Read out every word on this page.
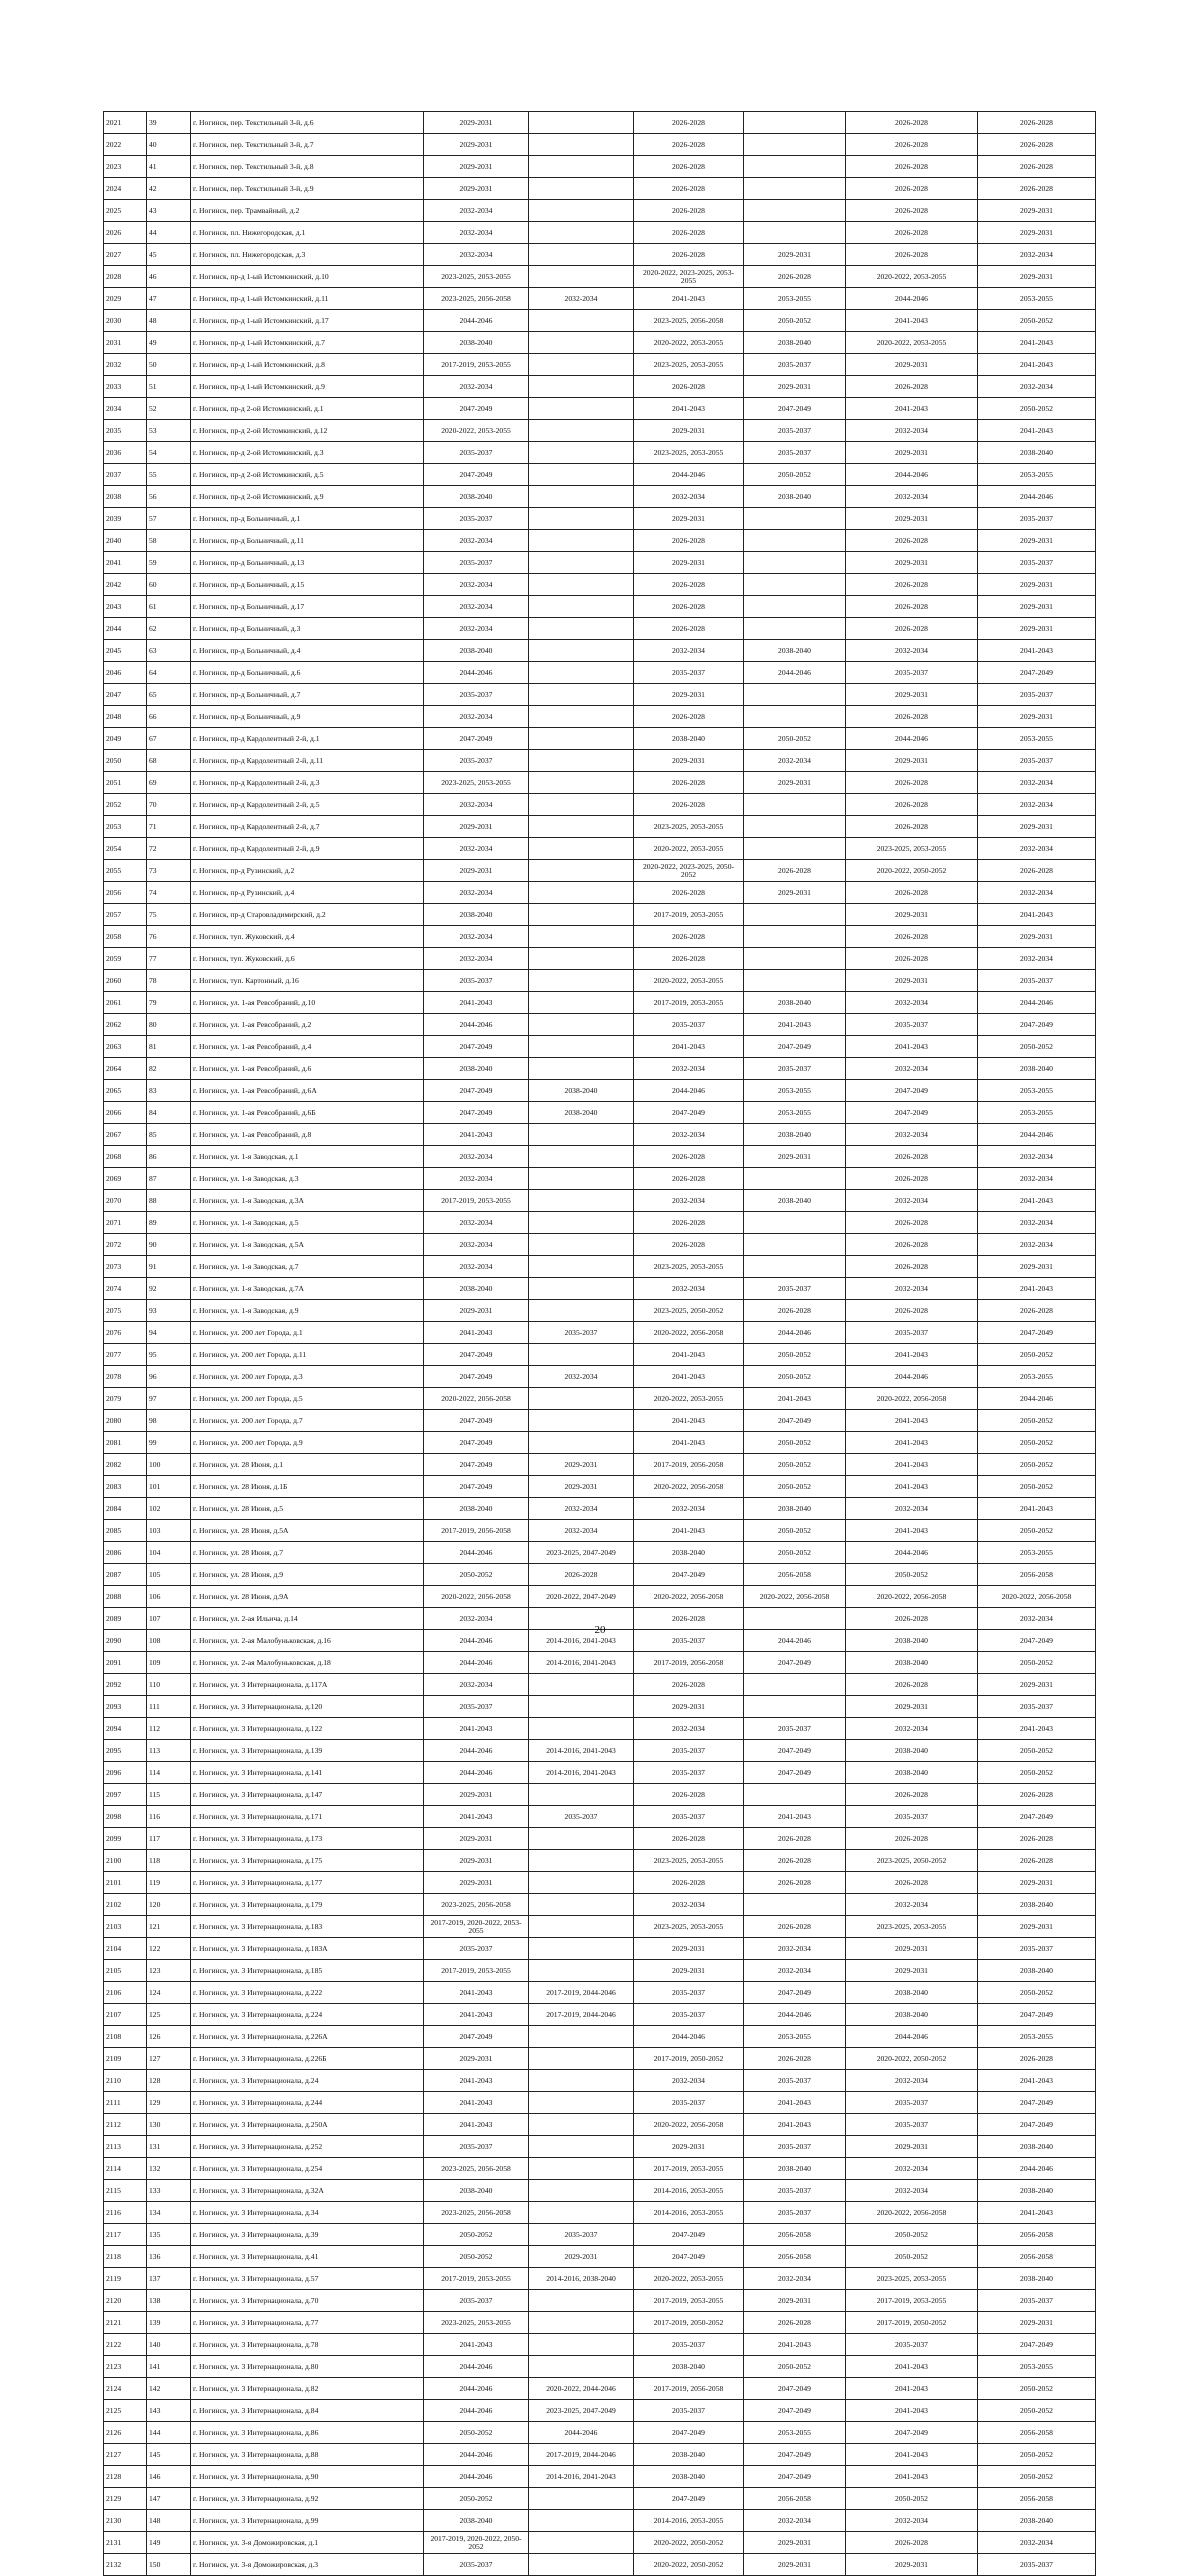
2021	39	г. Ногинск, пер. Текстильный 3-й, д.6	2029-2031		2026-2028		2026-2028	2026-2028
2022	40	г. Ногинск, пер. Текстильный 3-й, д.7	2029-2031		2026-2028		2026-2028	2026-2028
2023	41	г. Ногинск, пер. Текстильный 3-й, д.8	2029-2031		2026-2028		2026-2028	2026-2028
2024	42	г. Ногинск, пер. Текстильный 3-й, д.9	2029-2031		2026-2028		2026-2028	2026-2028
2025	43	г. Ногинск, пер. Трамвайный, д.2	2032-2034		2026-2028		2026-2028	2029-2031
2026	44	г. Ногинск, пл. Нижегородская, д.1	2032-2034		2026-2028		2026-2028	2029-2031
2027	45	г. Ногинск, пл. Нижегородская, д.3	2032-2034		2026-2028	2029-2031	2026-2028	2032-2034
2028	46	г. Ногинск, пр-д 1-ый Истомкинский, д.10	2023-2025, 2053-2055		2020-2022, 2023-2025, 2053-2055	2026-2028	2020-2022, 2053-2055	2029-2031
2029	47	г. Ногинск, пр-д 1-ый Истомкинский, д.11	2023-2025, 2056-2058	2032-2034	2041-2043	2053-2055	2044-2046	2053-2055
2030	48	г. Ногинск, пр-д 1-ый Истомкинский, д.17	2044-2046		2023-2025, 2056-2058	2050-2052	2041-2043	2050-2052
2031	49	г. Ногинск, пр-д 1-ый Истомкинский, д.7	2038-2040		2020-2022, 2053-2055	2038-2040	2020-2022, 2053-2055	2041-2043
2032	50	г. Ногинск, пр-д 1-ый Истомкинский, д.8	2017-2019, 2053-2055		2023-2025, 2053-2055	2035-2037	2029-2031	2041-2043
2033	51	г. Ногинск, пр-д 1-ый Истомкинский, д.9	2032-2034		2026-2028	2029-2031	2026-2028	2032-2034
2034	52	г. Ногинск, пр-д 2-ой Истомкинский, д.1	2047-2049		2041-2043	2047-2049	2041-2043	2050-2052
2035	53	г. Ногинск, пр-д 2-ой Истомкинский, д.12	2020-2022, 2053-2055		2029-2031	2035-2037	2032-2034	2041-2043
2036	54	г. Ногинск, пр-д 2-ой Истомкинский, д.3	2035-2037		2023-2025, 2053-2055	2035-2037	2029-2031	2038-2040
2037	55	г. Ногинск, пр-д 2-ой Истомкинский, д.5	2047-2049		2044-2046	2050-2052	2044-2046	2053-2055
2038	56	г. Ногинск, пр-д 2-ой Истомкинский, д.9	2038-2040		2032-2034	2038-2040	2032-2034	2044-2046
2039	57	г. Ногинск, пр-д Больничный, д.1	2035-2037		2029-2031		2029-2031	2035-2037
2040	58	г. Ногинск, пр-д Больничный, д.11	2032-2034		2026-2028		2026-2028	2029-2031
2041	59	г. Ногинск, пр-д Больничный, д.13	2035-2037		2029-2031		2029-2031	2035-2037
2042	60	г. Ногинск, пр-д Больничный, д.15	2032-2034		2026-2028		2026-2028	2029-2031
2043	61	г. Ногинск, пр-д Больничный, д.17	2032-2034		2026-2028		2026-2028	2029-2031
2044	62	г. Ногинск, пр-д Больничный, д.3	2032-2034		2026-2028		2026-2028	2029-2031
2045	63	г. Ногинск, пр-д Больничный, д.4	2038-2040		2032-2034	2038-2040	2032-2034	2041-2043
2046	64	г. Ногинск, пр-д Больничный, д.6	2044-2046		2035-2037	2044-2046	2035-2037	2047-2049
2047	65	г. Ногинск, пр-д Больничный, д.7	2035-2037		2029-2031		2029-2031	2035-2037
2048	66	г. Ногинск, пр-д Больничный, д.9	2032-2034		2026-2028		2026-2028	2029-2031
2049	67	г. Ногинск, пр-д Кардолентный 2-й, д.1	2047-2049		2038-2040	2050-2052	2044-2046	2053-2055
2050	68	г. Ногинск, пр-д Кардолентный 2-й, д.11	2035-2037		2029-2031	2032-2034	2029-2031	2035-2037
2051	69	г. Ногинск, пр-д Кардолентный 2-й, д.3	2023-2025, 2053-2055		2026-2028	2029-2031	2026-2028	2032-2034
2052	70	г. Ногинск, пр-д Кардолентный 2-й, д.5	2032-2034		2026-2028		2026-2028	2032-2034
2053	71	г. Ногинск, пр-д Кардолентный 2-й, д.7	2029-2031		2023-2025, 2053-2055		2026-2028	2029-2031
2054	72	г. Ногинск, пр-д Кардолентный 2-й, д.9	2032-2034		2020-2022, 2053-2055		2023-2025, 2053-2055	2032-2034
2055	73	г. Ногинск, пр-д Рузинский, д.2	2029-2031		2020-2022, 2023-2025, 2050-2052	2026-2028	2020-2022, 2050-2052	2026-2028
2056	74	г. Ногинск, пр-д Рузинский, д.4	2032-2034		2026-2028	2029-2031	2026-2028	2032-2034
2057	75	г. Ногинск, пр-д Старовладимирский, д.2	2038-2040		2017-2019, 2053-2055		2029-2031	2041-2043
2058	76	г. Ногинск, туп. Жуковский, д.4	2032-2034		2026-2028		2026-2028	2029-2031
2059	77	г. Ногинск, туп. Жуковский, д.6	2032-2034		2026-2028		2026-2028	2032-2034
2060	78	г. Ногинск, туп. Картонный, д.16	2035-2037		2020-2022, 2053-2055		2029-2031	2035-2037
2061	79	г. Ногинск, ул. 1-ая Ревсобраний, д.10	2041-2043		2017-2019, 2053-2055	2038-2040	2032-2034	2044-2046
2062	80	г. Ногинск, ул. 1-ая Ревсобраний, д.2	2044-2046		2035-2037	2041-2043	2035-2037	2047-2049
2063	81	г. Ногинск, ул. 1-ая Ревсобраний, д.4	2047-2049		2041-2043	2047-2049	2041-2043	2050-2052
2064	82	г. Ногинск, ул. 1-ая Ревсобраний, д.6	2038-2040		2032-2034	2035-2037	2032-2034	2038-2040
2065	83	г. Ногинск, ул. 1-ая Ревсобраний, д.6А	2047-2049	2038-2040	2044-2046	2053-2055	2047-2049	2053-2055
2066	84	г. Ногинск, ул. 1-ая Ревсобраний, д.6Б	2047-2049	2038-2040	2047-2049	2053-2055	2047-2049	2053-2055
2067	85	г. Ногинск, ул. 1-ая Ревсобраний, д.8	2041-2043		2032-2034	2038-2040	2032-2034	2044-2046
2068	86	г. Ногинск, ул. 1-я Заводская, д.1	2032-2034		2026-2028	2029-2031	2026-2028	2032-2034
2069	87	г. Ногинск, ул. 1-я Заводская, д.3	2032-2034		2026-2028		2026-2028	2032-2034
2070	88	г. Ногинск, ул. 1-я Заводская, д.3А	2017-2019, 2053-2055		2032-2034	2038-2040	2032-2034	2041-2043
2071	89	г. Ногинск, ул. 1-я Заводская, д.5	2032-2034		2026-2028		2026-2028	2032-2034
2072	90	г. Ногинск, ул. 1-я Заводская, д.5А	2032-2034		2026-2028		2026-2028	2032-2034
2073	91	г. Ногинск, ул. 1-я Заводская, д.7	2032-2034		2023-2025, 2053-2055		2026-2028	2029-2031
2074	92	г. Ногинск, ул. 1-я Заводская, д.7А	2038-2040		2032-2034	2035-2037	2032-2034	2041-2043
2075	93	г. Ногинск, ул. 1-я Заводская, д.9	2029-2031		2023-2025, 2050-2052	2026-2028	2026-2028	2026-2028
2076	94	г. Ногинск, ул. 200 лет Города, д.1	2041-2043	2035-2037	2020-2022, 2056-2058	2044-2046	2035-2037	2047-2049
2077	95	г. Ногинск, ул. 200 лет Города, д.11	2047-2049		2041-2043	2050-2052	2041-2043	2050-2052
2078	96	г. Ногинск, ул. 200 лет Города, д.3	2047-2049	2032-2034	2041-2043	2050-2052	2044-2046	2053-2055
2079	97	г. Ногинск, ул. 200 лет Города, д.5	2020-2022, 2056-2058		2020-2022, 2053-2055	2041-2043	2020-2022, 2056-2058	2044-2046
2080	98	г. Ногинск, ул. 200 лет Города, д.7	2047-2049		2041-2043	2047-2049	2041-2043	2050-2052
2081	99	г. Ногинск, ул. 200 лет Города, д.9	2047-2049		2041-2043	2050-2052	2041-2043	2050-2052
2082	100	г. Ногинск, ул. 28 Июня, д.1	2047-2049	2029-2031	2017-2019, 2056-2058	2050-2052	2041-2043	2050-2052
2083	101	г. Ногинск, ул. 28 Июня, д.1Б	2047-2049	2029-2031	2020-2022, 2056-2058	2050-2052	2041-2043	2050-2052
2084	102	г. Ногинск, ул. 28 Июня, д.5	2038-2040	2032-2034	2032-2034	2038-2040	2032-2034	2041-2043
2085	103	г. Ногинск, ул. 28 Июня, д.5А	2017-2019, 2056-2058	2032-2034	2041-2043	2050-2052	2041-2043	2050-2052
2086	104	г. Ногинск, ул. 28 Июня, д.7	2044-2046	2023-2025, 2047-2049	2038-2040	2050-2052	2044-2046	2053-2055
2087	105	г. Ногинск, ул. 28 Июня, д.9	2050-2052	2026-2028	2047-2049	2056-2058	2050-2052	2056-2058
2088	106	г. Ногинск, ул. 28 Июня, д.9А	2020-2022, 2056-2058	2020-2022, 2047-2049	2020-2022, 2056-2058	2020-2022, 2056-2058	2020-2022, 2056-2058	2020-2022, 2056-2058
2089	107	г. Ногинск, ул. 2-ая Ильича, д.14	2032-2034		2026-2028		2026-2028	2032-2034
2090	108	г. Ногинск, ул. 2-ая Малобуньковская, д.16	2044-2046	2014-2016, 2041-2043	2035-2037	2044-2046	2038-2040	2047-2049
2091	109	г. Ногинск, ул. 2-ая Малобуньковская, д.18	2044-2046	2014-2016, 2041-2043	2017-2019, 2056-2058	2047-2049	2038-2040	2050-2052
2092	110	г. Ногинск, ул. 3 Интернационала, д.117А	2032-2034		2026-2028		2026-2028	2029-2031
2093	111	г. Ногинск, ул. 3 Интернационала, д.120	2035-2037		2029-2031		2029-2031	2035-2037
2094	112	г. Ногинск, ул. 3 Интернационала, д.122	2041-2043		2032-2034	2035-2037	2032-2034	2041-2043
2095	113	г. Ногинск, ул. 3 Интернационала, д.139	2044-2046	2014-2016, 2041-2043	2035-2037	2047-2049	2038-2040	2050-2052
2096	114	г. Ногинск, ул. 3 Интернационала, д.141	2044-2046	2014-2016, 2041-2043	2035-2037	2047-2049	2038-2040	2050-2052
2097	115	г. Ногинск, ул. 3 Интернационала, д.147	2029-2031		2026-2028		2026-2028	2026-2028
2098	116	г. Ногинск, ул. 3 Интернационала, д.171	2041-2043	2035-2037	2035-2037	2041-2043	2035-2037	2047-2049
2099	117	г. Ногинск, ул. 3 Интернационала, д.173	2029-2031		2026-2028	2026-2028	2026-2028	2026-2028
2100	118	г. Ногинск, ул. 3 Интернационала, д.175	2029-2031		2023-2025, 2053-2055	2026-2028	2023-2025, 2050-2052	2026-2028
2101	119	г. Ногинск, ул. 3 Интернационала, д.177	2029-2031		2026-2028	2026-2028	2026-2028	2029-2031
2102	120	г. Ногинск, ул. 3 Интернационала, д.179	2023-2025, 2056-2058		2032-2034		2032-2034	2038-2040
2103	121	г. Ногинск, ул. 3 Интернационала, д.183	2017-2019, 2020-2022, 2053-2055		2023-2025, 2053-2055	2026-2028	2023-2025, 2053-2055	2029-2031
2104	122	г. Ногинск, ул. 3 Интернационала, д.183А	2035-2037		2029-2031	2032-2034	2029-2031	2035-2037
2105	123	г. Ногинск, ул. 3 Интернационала, д.185	2017-2019, 2053-2055		2029-2031	2032-2034	2029-2031	2038-2040
2106	124	г. Ногинск, ул. 3 Интернационала, д.222	2041-2043	2017-2019, 2044-2046	2035-2037	2047-2049	2038-2040	2050-2052
2107	125	г. Ногинск, ул. 3 Интернационала, д.224	2041-2043	2017-2019, 2044-2046	2035-2037	2044-2046	2038-2040	2047-2049
2108	126	г. Ногинск, ул. 3 Интернационала, д.226А	2047-2049		2044-2046	2053-2055	2044-2046	2053-2055
2109	127	г. Ногинск, ул. 3 Интернационала, д.226Б	2029-2031		2017-2019, 2050-2052	2026-2028	2020-2022, 2050-2052	2026-2028
2110	128	г. Ногинск, ул. 3 Интернационала, д.24	2041-2043		2032-2034	2035-2037	2032-2034	2041-2043
2111	129	г. Ногинск, ул. 3 Интернационала, д.244	2041-2043		2035-2037	2041-2043	2035-2037	2047-2049
2112	130	г. Ногинск, ул. 3 Интернационала, д.250А	2041-2043		2020-2022, 2056-2058	2041-2043	2035-2037	2047-2049
2113	131	г. Ногинск, ул. 3 Интернационала, д.252	2035-2037		2029-2031	2035-2037	2029-2031	2038-2040
2114	132	г. Ногинск, ул. 3 Интернационала, д.254	2023-2025, 2056-2058		2017-2019, 2053-2055	2038-2040	2032-2034	2044-2046
2115	133	г. Ногинск, ул. 3 Интернационала, д.32А	2038-2040		2014-2016, 2053-2055	2035-2037	2032-2034	2038-2040
2116	134	г. Ногинск, ул. 3 Интернационала, д.34	2023-2025, 2056-2058		2014-2016, 2053-2055	2035-2037	2020-2022, 2056-2058	2041-2043
2117	135	г. Ногинск, ул. 3 Интернационала, д.39	2050-2052	2035-2037	2047-2049	2056-2058	2050-2052	2056-2058
2118	136	г. Ногинск, ул. 3 Интернационала, д.41	2050-2052	2029-2031	2047-2049	2056-2058	2050-2052	2056-2058
2119	137	г. Ногинск, ул. 3 Интернационала, д.57	2017-2019, 2053-2055	2014-2016, 2038-2040	2020-2022, 2053-2055	2032-2034	2023-2025, 2053-2055	2038-2040
2120	138	г. Ногинск, ул. 3 Интернационала, д.70	2035-2037		2017-2019, 2053-2055	2029-2031	2017-2019, 2053-2055	2035-2037
2121	139	г. Ногинск, ул. 3 Интернационала, д.77	2023-2025, 2053-2055		2017-2019, 2050-2052	2026-2028	2017-2019, 2050-2052	2029-2031
2122	140	г. Ногинск, ул. 3 Интернационала, д.78	2041-2043		2035-2037	2041-2043	2035-2037	2047-2049
2123	141	г. Ногинск, ул. 3 Интернационала, д.80	2044-2046		2038-2040	2050-2052	2041-2043	2053-2055
2124	142	г. Ногинск, ул. 3 Интернационала, д.82	2044-2046	2020-2022, 2044-2046	2017-2019, 2056-2058	2047-2049	2041-2043	2050-2052
2125	143	г. Ногинск, ул. 3 Интернационала, д.84	2044-2046	2023-2025, 2047-2049	2035-2037	2047-2049	2041-2043	2050-2052
2126	144	г. Ногинск, ул. 3 Интернационала, д.86	2050-2052	2044-2046	2047-2049	2053-2055	2047-2049	2056-2058
2127	145	г. Ногинск, ул. 3 Интернационала, д.88	2044-2046	2017-2019, 2044-2046	2038-2040	2047-2049	2041-2043	2050-2052
2128	146	г. Ногинск, ул. 3 Интернационала, д.90	2044-2046	2014-2016, 2041-2043	2038-2040	2047-2049	2041-2043	2050-2052
2129	147	г. Ногинск, ул. 3 Интернационала, д.92	2050-2052		2047-2049	2056-2058	2050-2052	2056-2058
2130	148	г. Ногинск, ул. 3 Интернационала, д.99	2038-2040		2014-2016, 2053-2055	2032-2034	2032-2034	2038-2040
2131	149	г. Ногинск, ул. 3-я Доможировская, д.1	2017-2019, 2020-2022, 2050-2052		2020-2022, 2050-2052	2029-2031	2026-2028	2032-2034
2132	150	г. Ногинск, ул. 3-я Доможировская, д.3	2035-2037		2020-2022, 2050-2052	2029-2031	2029-2031	2035-2037
20
